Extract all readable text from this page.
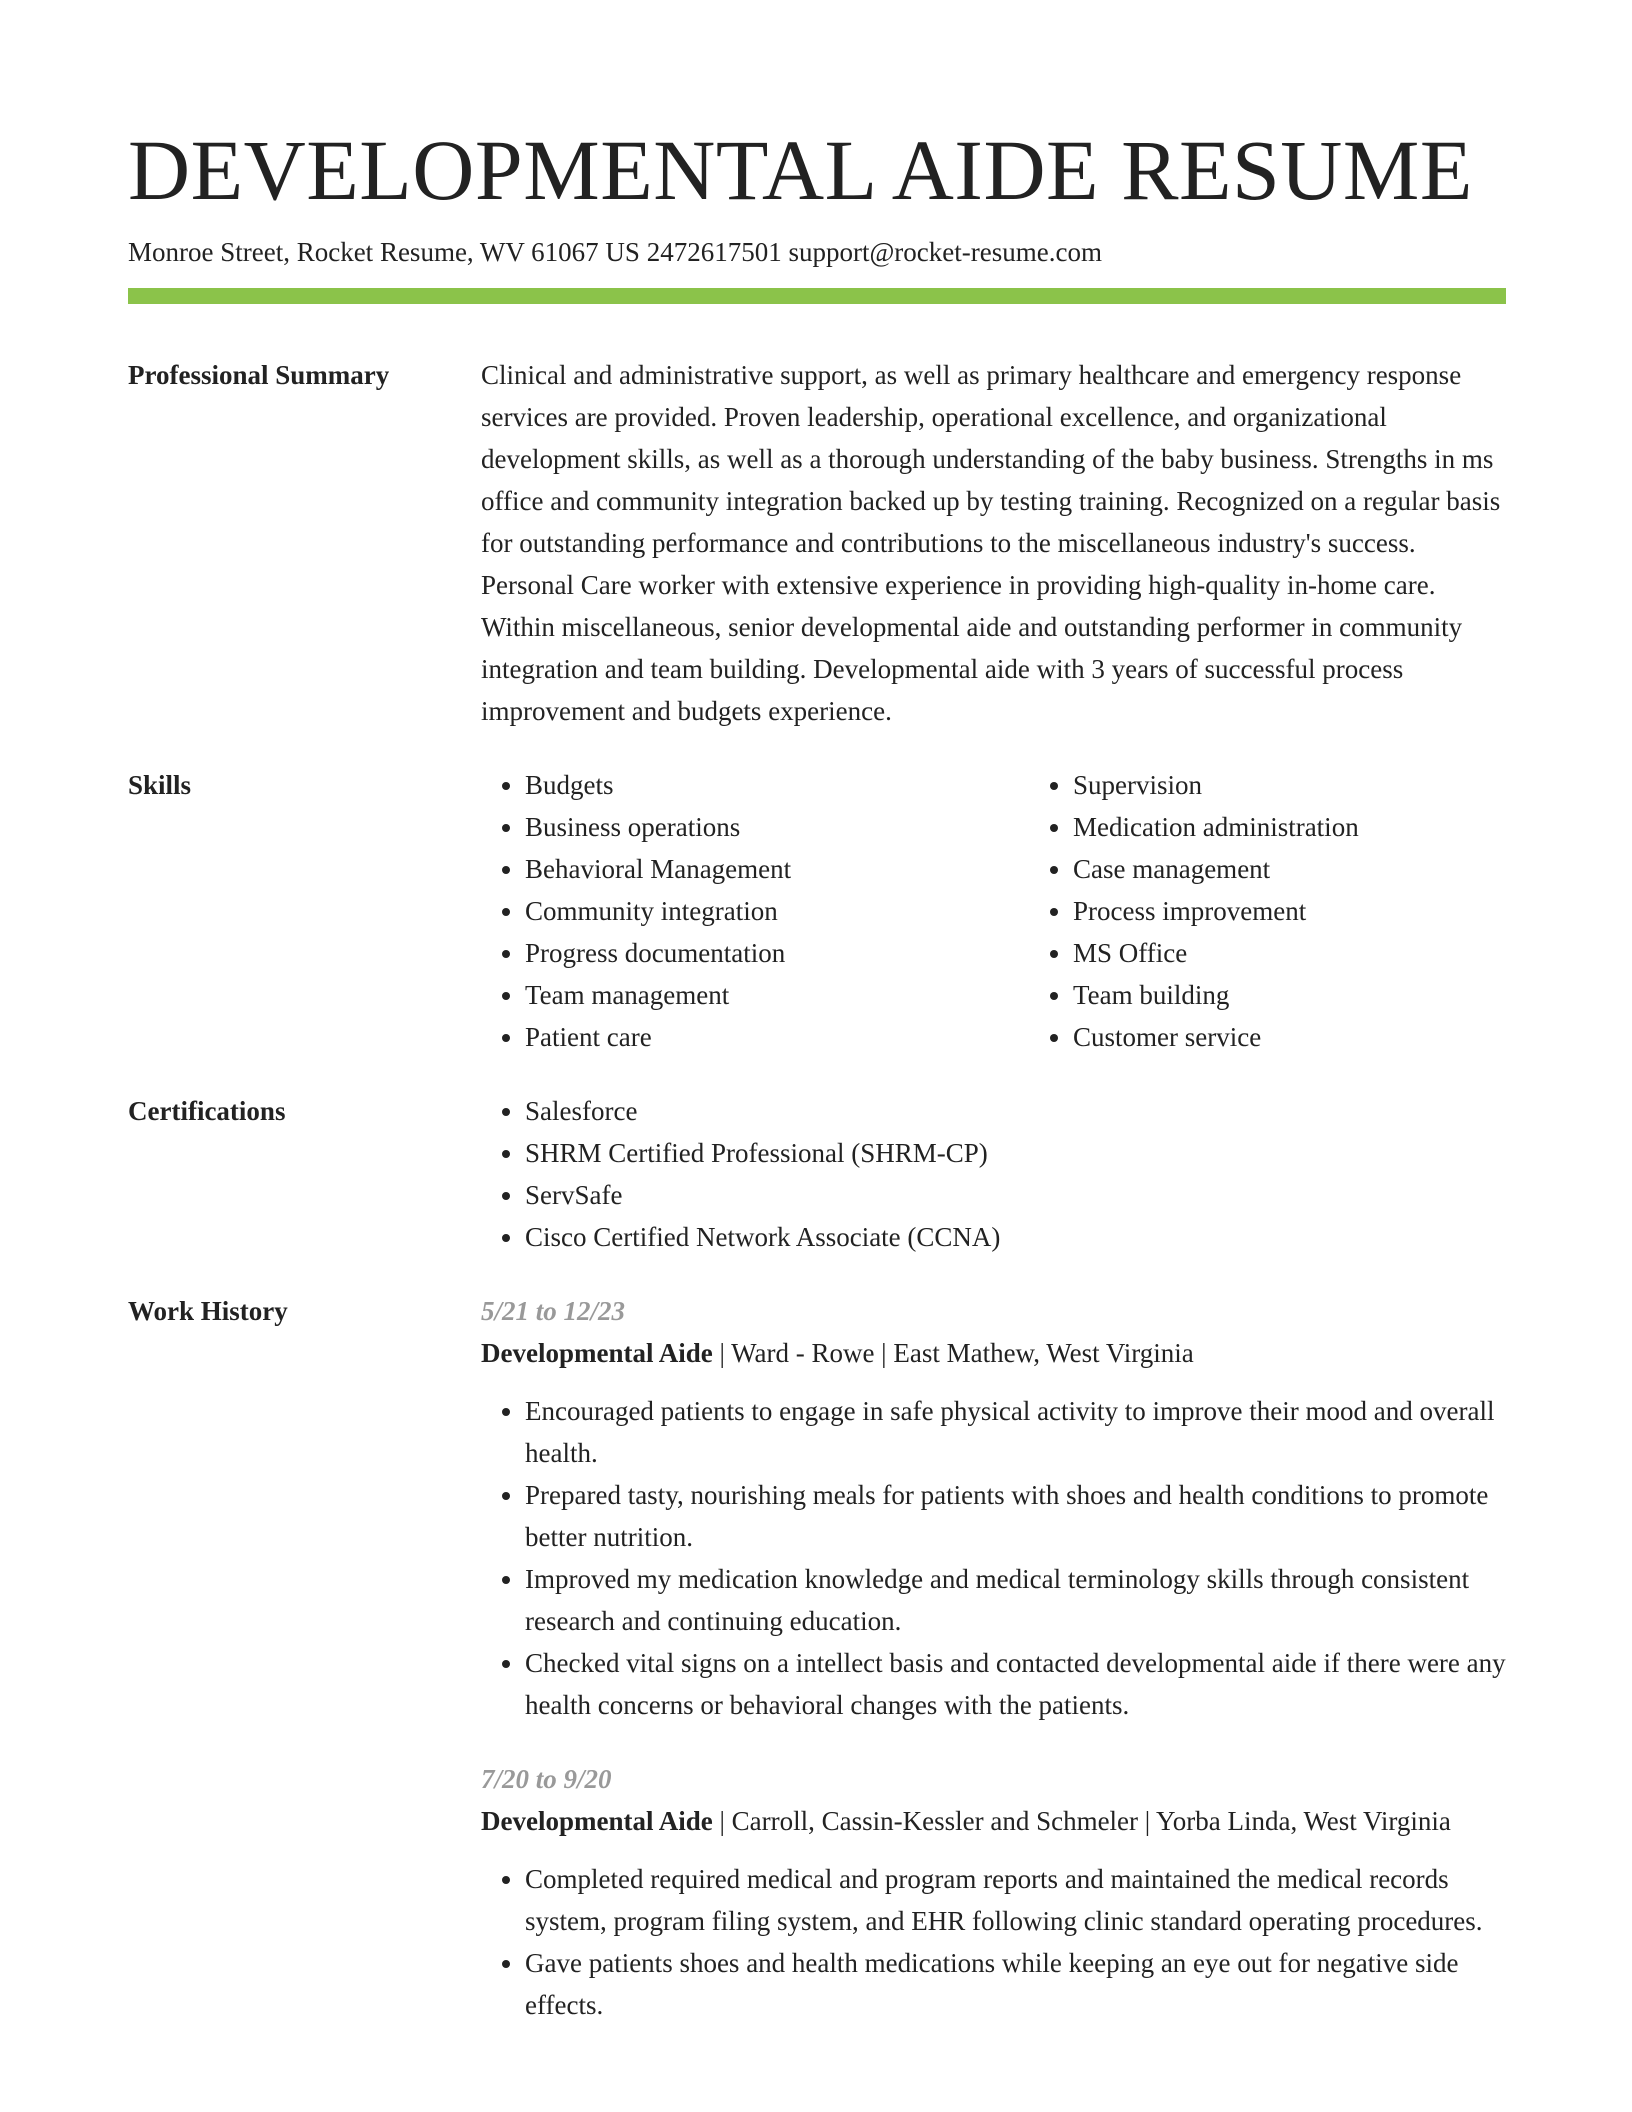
DEVELOPMENTAL AIDE RESUME
Monroe Street, Rocket Resume, WV 61067 US 2472617501 support@rocket-resume.com
Professional Summary	Clinical and administrative support, as well as primary healthcare and emergency response services are provided. Proven leadership, operational excellence, and organizational development skills, as well as a thorough understanding of the baby business. Strengths in ms office and community integration backed up by testing training. Recognized on a regular basis for outstanding performance and contributions to the miscellaneous industry's success. Personal Care worker with extensive experience in providing high-quality in-home care. Within miscellaneous, senior developmental aide and outstanding performer in community integration and team building. Developmental aide with 3 years of successful process improvement and budgets experience.

Skills	• Budgets
• Business operations
• Behavioral Management
• Community integration
• Progress documentation
• Team management
• Patient care
• Supervision
• Medication administration
• Case management
• Process improvement
• MS Office
• Team building
• Customer service
Certifications	• Salesforce
• SHRM Certified Professional (SHRM-CP)
• ServSafe
• Cisco Certified Network Associate (CCNA)
Work History	5/21 to 12/23
Developmental Aide | Ward - Rowe | East Mathew, West Virginia
• Encouraged patients to engage in safe physical activity to improve their mood and overall health.
• Prepared tasty, nourishing meals for patients with shoes and health conditions to promote better nutrition.
• Improved my medication knowledge and medical terminology skills through consistent research and continuing education.
• Checked vital signs on a intellect basis and contacted developmental aide if there were any health concerns or behavioral changes with the patients.
7/20 to 9/20
Developmental Aide | Carroll, Cassin-Kessler and Schmeler | Yorba Linda, West Virginia
• Completed required medical and program reports and maintained the medical records system, program filing system, and EHR following clinic standard operating procedures.
• Gave patients shoes and health medications while keeping an eye out for negative side effects.
